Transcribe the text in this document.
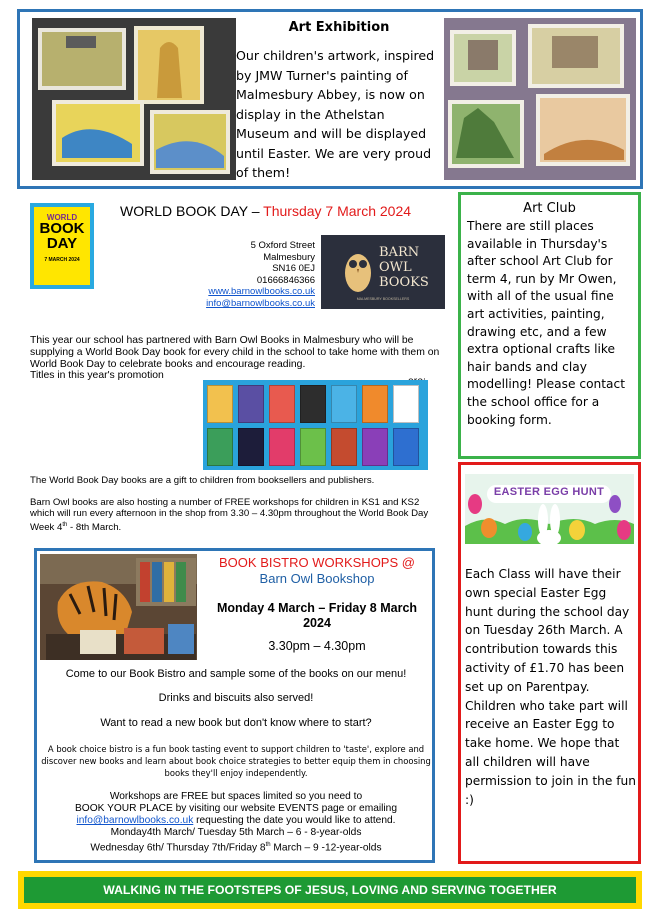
Art Exhibition
Our children's artwork, inspired by JMW Turner's painting of Malmesbury Abbey, is now on display in the Athelstan Museum and will be displayed until Easter. We are very proud of them!
WORLD
BOOK
DAY
7 MARCH 2024
WORLD BOOK DAY – Thursday 7 March 2024
5 Oxford Street
Malmesbury
SN16 0EJ
01666846366
www.barnowlbooks.co.uk
info@barnowlbooks.co.uk
BARN
OWL
BOOKS
MALMESBURY BOOKSELLERS
This year our school has partnered with Barn Owl Books in Malmesbury who will be supplying a World Book Day book for every child in the school to take home with them on World Book Day to celebrate books and encourage reading.
Titles in this year's promotion
The World Book Day books are a gift to children from booksellers and publishers.
Barn Owl books are also hosting a number of FREE workshops for children in KS1 and KS2 which will run every afternoon in the shop from 3.30 – 4.30pm throughout the World Book Day Week 4th - 8th March.
BOOK BISTRO WORKSHOPS @
Barn Owl Bookshop
Monday 4 March – Friday 8 March 2024
3.30pm – 4.30pm
Come to our Book Bistro and sample some of the books on our menu!
Drinks and biscuits also served!
Want to read a new book but don't know where to start?
A book choice bistro is a fun book tasting event to support children to 'taste', explore and discover new books and learn about book choice strategies to better equip them in choosing books they'll enjoy independently.
Workshops are FREE but spaces limited so you need to
BOOK YOUR PLACE by visiting our website EVENTS page or emailing
info@barnowlbooks.co.uk requesting the date you would like to attend.
Monday4th March/ Tuesday 5th March – 6 - 8-year-olds
Wednesday 6th/ Thursday 7th/Friday 8th March – 9 -12-year-olds
Art Club
There are still places available in Thursday's after school Art Club for term 4, run by Mr Owen, with all of the usual fine art activities, painting, drawing etc, and a few extra optional crafts like hair bands and clay modelling! Please contact the school office for a booking form.
EASTER EGG HUNT
Each Class will have their own special Easter Egg hunt during the school day on Tuesday 26th March. A contribution towards this activity of £1.70 has been set up on Parentpay. Children who take part will receive an Easter Egg to take home. We hope that all children will have permission to join in the fun :)
WALKING IN THE FOOTSTEPS OF JESUS, LOVING AND SERVING TOGETHER
